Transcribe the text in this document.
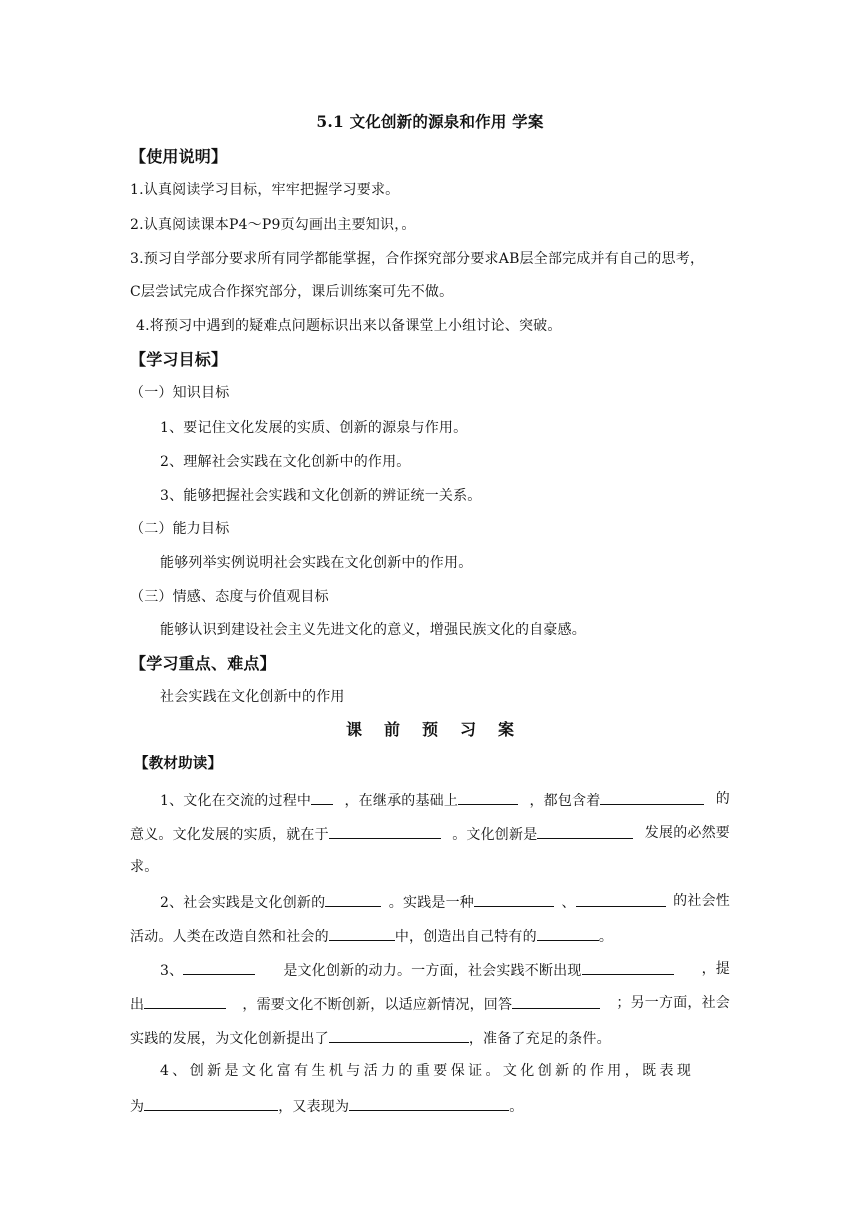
5.1 文化创新的源泉和作用 学案
【使用说明】
1.认真阅读学习目标，牢牢把握学习要求。
2.认真阅读课本P4～P9页勾画出主要知识，。
3.预习自学部分要求所有同学都能掌握，合作探究部分要求AB层全部完成并有自己的思考，
C层尝试完成合作探究部分，课后训练案可先不做。
4.将预习中遇到的疑难点问题标识出来以备课堂上小组讨论、突破。
【学习目标】
（一）知识目标
1、要记住文化发展的实质、创新的源泉与作用。
2、理解社会实践在文化创新中的作用。
3、能够把握社会实践和文化创新的辨证统一关系。
（二）能力目标
能够列举实例说明社会实践在文化创新中的作用。
（三）情感、态度与价值观目标
能够认识到建设社会主义先进文化的意义，增强民族文化的自豪感。
【学习重点、难点】
社会实践在文化创新中的作用
课前预习案
【教材助读】
1、文化在交流的过程中	，在继承的基础上	，都包含着	的
意义。文化发展的实质，就在于	。文化创新是	发展的必然要
求。
2、社会实践是文化创新的	。实践是一种	、	的社会性
活动。人类在改造自然和社会的	中，创造出自己特有的	。
3、	是文化创新的动力。一方面，社会实践不断出现	，提
出	，需要文化不断创新，以适应新情况，回答	；另一方面，社会
实践的发展，为文化创新提出了	，准备了充足的条件。
4、创新是文化富有生机与活力的重要保证。文化创新的作用，既表现
为	，又表现为	。
